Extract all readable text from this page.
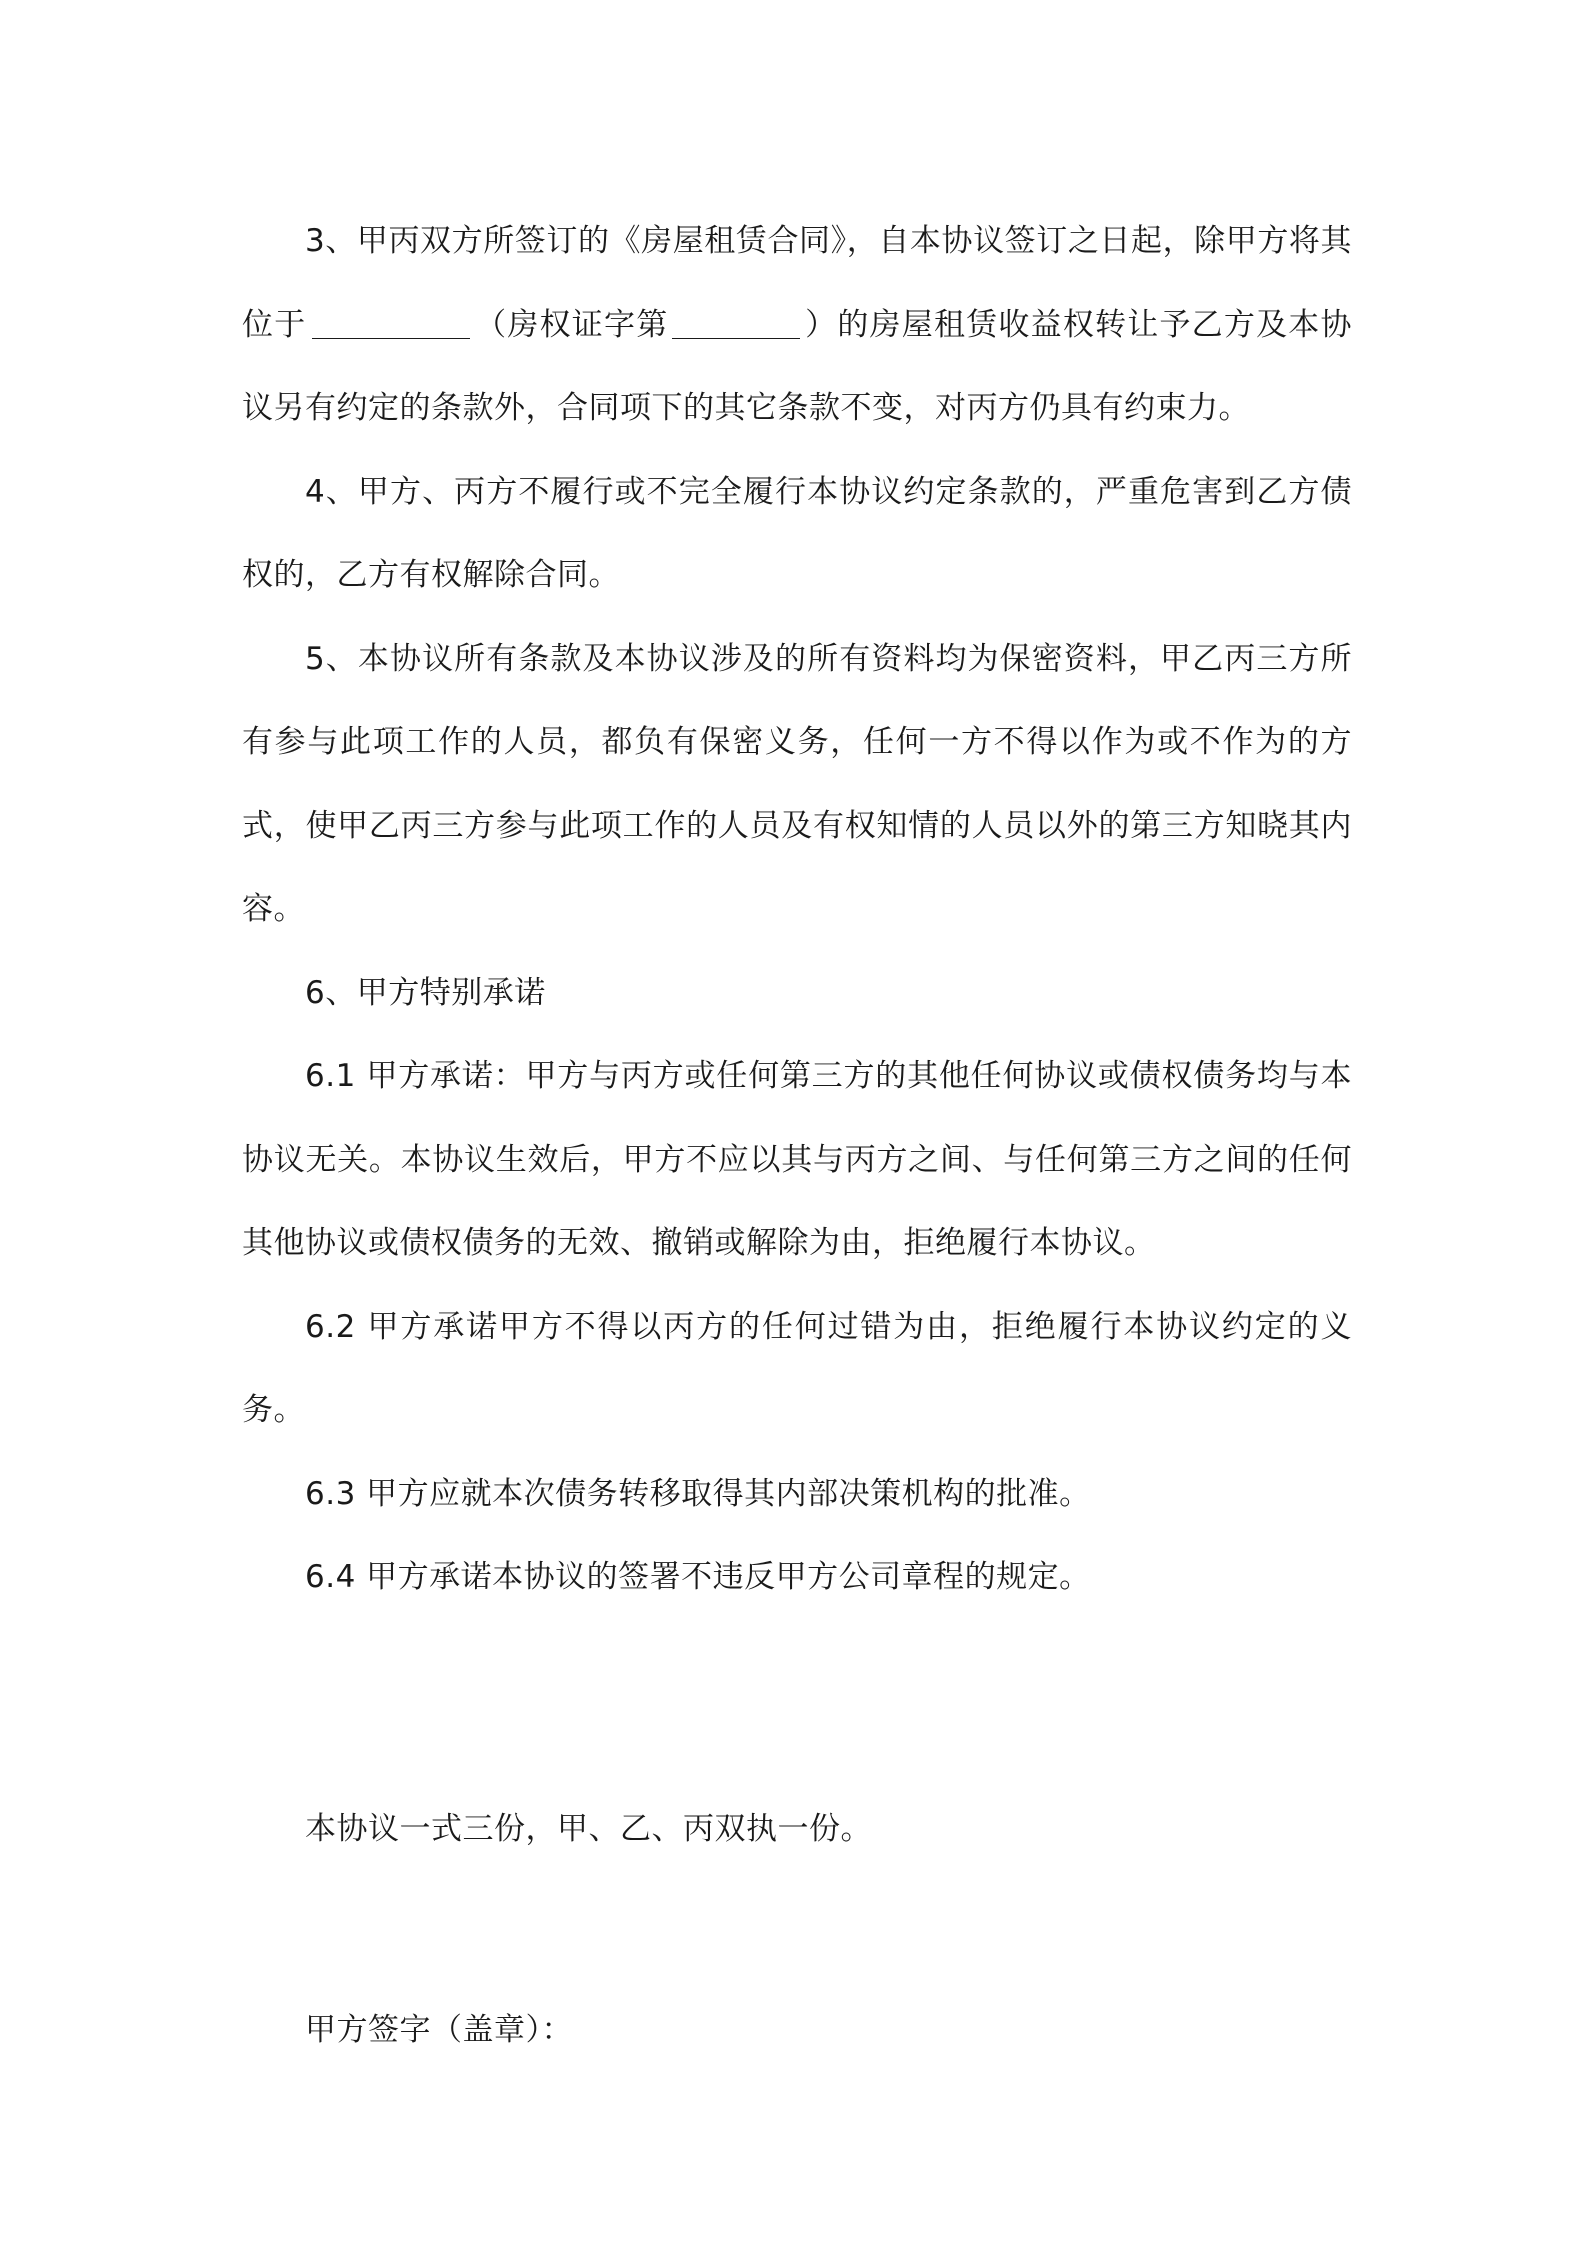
3、甲丙双方所签订的《房屋租赁合同》，自本协议签订之日起，除甲方将其位于	（房权证字第	）的房屋租赁收益权转让予乙方及本协议另有约定的条款外，合同项下的其它条款不变，对丙方仍具有约束力。

4、甲方、丙方不履行或不完全履行本协议约定条款的，严重危害到乙方债权的，乙方有权解除合同。

5、本协议所有条款及本协议涉及的所有资料均为保密资料，甲乙丙三方所有参与此项工作的人员，都负有保密义务，任何一方不得以作为或不作为的方式，使甲乙丙三方参与此项工作的人员及有权知情的人员以外的第三方知晓其内容。

6、甲方特别承诺

6.1 甲方承诺：甲方与丙方或任何第三方的其他任何协议或债权债务均与本协议无关。本协议生效后，甲方不应以其与丙方之间、与任何第三方之间的任何其他协议或债权债务的无效、撤销或解除为由，拒绝履行本协议。

6.2 甲方承诺甲方不得以丙方的任何过错为由，拒绝履行本协议约定的义务。

6.3 甲方应就本次债务转移取得其内部决策机构的批准。

6.4 甲方承诺本协议的签署不违反甲方公司章程的规定。

本协议一式三份，甲、乙、丙双执一份。

甲方签字（盖章）：
